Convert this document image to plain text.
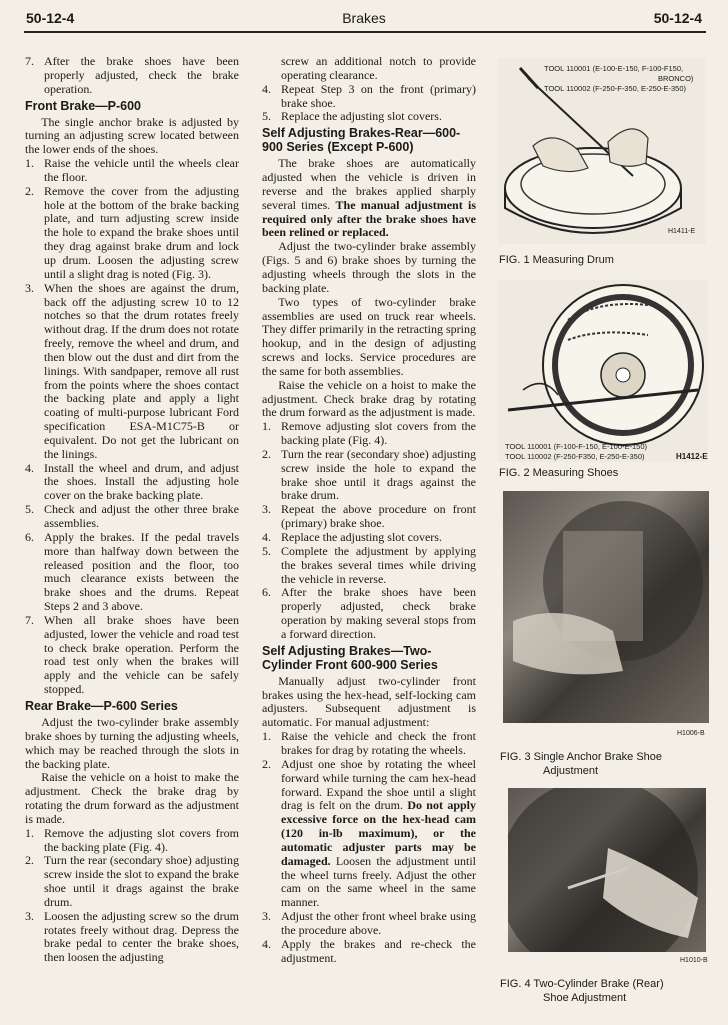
Brakes
50-12-4	50-12-4
7. After the brake shoes have been properly adjusted, check the brake operation.
Front Brake—P-600

The single anchor brake is adjusted by turning an adjusting screw located between the lower ends of the shoes.

1. Raise the vehicle until the wheels clear the floor.
2. Remove the cover from the adjusting hole at the bottom of the brake backing plate, and turn adjusting screw inside the hole to expand the brake shoes until they drag against brake drum and lock up drum. Loosen the adjusting screw until a slight drag is noted (Fig. 3).
3. When the shoes are against the drum, back off the adjusting screw 10 to 12 notches so that the drum rotates freely without drag. If the drum does not rotate freely, remove the wheel and drum, and then blow out the dust and dirt from the linings. With sandpaper, remove all rust from the points where the shoes contact the backing plate and apply a light coating of multi-purpose lubricant Ford specification ESA-M1C75-B or equivalent. Do not get the lubricant on the linings.
4. Install the wheel and drum, and adjust the shoes. Install the adjusting hole cover on the brake backing plate.
5. Check and adjust the other three brake assemblies.
6. Apply the brakes. If the pedal travels more than halfway down between the released position and the floor, too much clearance exists between the brake shoes and the drums. Repeat Steps 2 and 3 above.
7. When all brake shoes have been adjusted, lower the vehicle and road test to check brake operation. Perform the road test only when the brakes will apply and the vehicle can be safely stopped.
Rear Brake—P-600 Series

Adjust the two-cylinder brake assembly brake shoes by turning the adjusting wheels, which may be reached through the slots in the backing plate.

Raise the vehicle on a hoist to make the adjustment. Check the brake drag by rotating the drum forward as the adjustment is made.

1. Remove the adjusting slot covers from the backing plate (Fig. 4).
2. Turn the rear (secondary shoe) adjusting screw inside the slot to expand the brake shoe until it drags against the brake drum.
3. Loosen the adjusting screw so the drum rotates freely without drag. Depress the brake pedal to center the brake shoes, then loosen the adjusting

screw an additional notch to provide operating clearance.

4. Repeat Step 3 on the front (primary) brake shoe.
5. Replace the adjusting slot covers.
Self Adjusting Brakes-Rear—600-900 Series (Except P-600)

The brake shoes are automatically adjusted when the vehicle is driven in reverse and the brakes applied sharply several times. The manual adjustment is required only after the brake shoes have been relined or replaced.

Adjust the two-cylinder brake assembly (Figs. 5 and 6) brake shoes by turning the adjusting wheels through the slots in the backing plate.

Two types of two-cylinder brake assemblies are used on truck rear wheels. They differ primarily in the retracting spring hookup, and in the design of adjusting screws and locks. Service procedures are the same for both assemblies.

Raise the vehicle on a hoist to make the adjustment. Check brake drag by rotating the drum forward as the adjustment is made.

1. Remove adjusting slot covers from the backing plate (Fig. 4).
2. Turn the rear (secondary shoe) adjusting screw inside the hole to expand the brake shoe until it drags against the brake drum.
3. Repeat the above procedure on front (primary) brake shoe.
4. Replace the adjusting slot covers.
5. Complete the adjustment by applying the brakes several times while driving the vehicle in reverse.
6. After the brake shoes have been properly adjusted, check brake operation by making several stops from a forward direction.
Self Adjusting Brakes—Two-Cylinder Front 600-900 Series

Manually adjust two-cylinder front brakes using the hex-head, self-locking cam adjusters. Subsequent adjustment is automatic. For manual adjustment:

1. Raise the vehicle and check the front brakes for drag by rotating the wheels.
2. Adjust one shoe by rotating the wheel forward while turning the cam hex-head forward. Expand the shoe until a slight drag is felt on the drum. Do not apply excessive force on the hex-head cam (120 in-lb maximum), or the automatic adjuster parts may be damaged. Loosen the adjustment until the wheel turns freely. Adjust the other cam on the same wheel in the same manner.
3. Adjust the other front wheel brake using the procedure above.
4. Apply the brakes and re-check the adjustment.
TOOL 110001 (E-100-E-150, F-100-F150,
BRONCO)
TOOL 110002 (F-250-F-350, E-250-E-350)
H1411-E
FIG. 1 Measuring Drum
TOOL 110001 (F-100-F-150, E-100-E-150)
TOOL 110002 (F-250-F350, E-250-E-350)	H1412-E
FIG. 2 Measuring Shoes
H1006-B
FIG. 3 Single Anchor Brake Shoe
Adjustment
H1010-B
FIG. 4 Two-Cylinder Brake (Rear)
Shoe Adjustment
